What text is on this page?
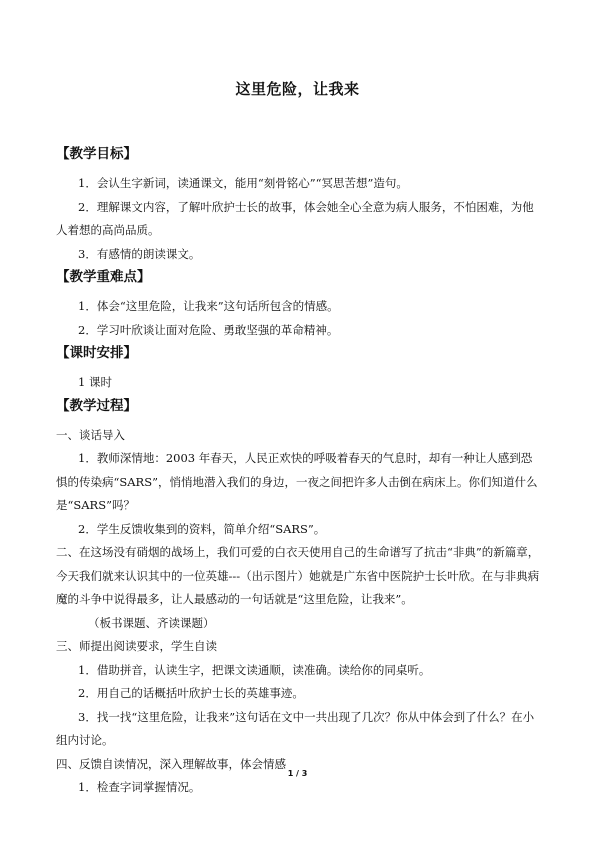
这里危险，让我来
【教学目标】
1．会认生字新词，读通课文，能用“刻骨铭心”“冥思苦想”造句。
2．理解课文内容，了解叶欣护士长的故事，体会她全心全意为病人服务，不怕困难，为他人着想的高尚品质。
3．有感情的朗读课文。
【教学重难点】
1．体会“这里危险，让我来”这句话所包含的情感。
2．学习叶欣谈让面对危险、勇敢坚强的革命精神。
【课时安排】
1 课时
【教学过程】
一、谈话导入
1．教师深情地：2003 年春天，人民正欢快的呼吸着春天的气息时，却有一种让人感到恐惧的传染病“SARS”，悄悄地潜入我们的身边，一夜之间把许多人击倒在病床上。你们知道什么是“SARS”吗？
2．学生反馈收集到的资料，简单介绍“SARS”。
二、在这场没有硝烟的战场上，我们可爱的白衣天使用自己的生命谱写了抗击“非典”的新篇章，今天我们就来认识其中的一位英雄---（出示图片）她就是广东省中医院护士长叶欣。在与非典病魔的斗争中说得最多，让人最感动的一句话就是“这里危险，让我来”。
（板书课题、齐读课题）
三、师提出阅读要求，学生自读
1．借助拼音，认读生字，把课文读通顺，读准确。读给你的同桌听。
2．用自己的话概括叶欣护士长的英雄事迹。
3．找一找“这里危险，让我来”这句话在文中一共出现了几次？你从中体会到了什么？在小组内讨论。
四、反馈自读情况，深入理解故事，体会情感
1．检查字词掌握情况。
1 / 3
